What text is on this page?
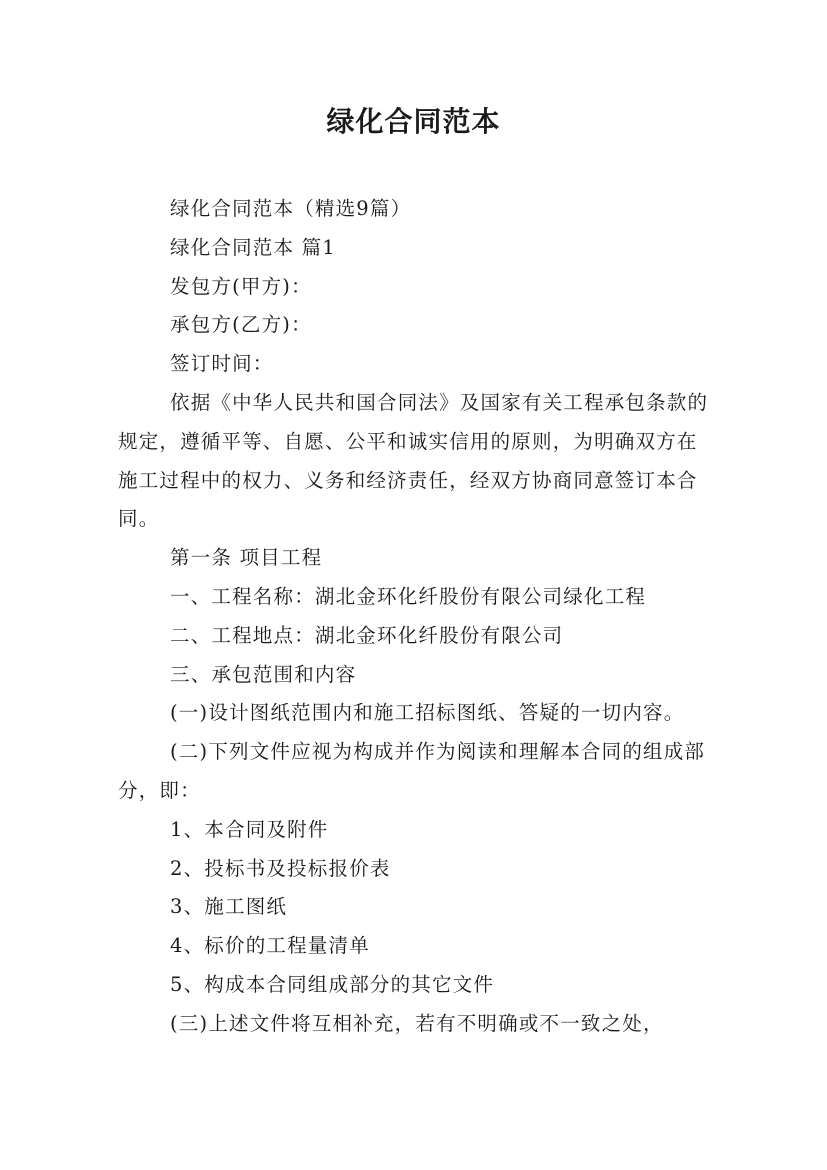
绿化合同范本

绿化合同范本（精选9篇）

绿化合同范本 篇1

发包方(甲方)：

承包方(乙方)：

签订时间：

依据《中华人民共和国合同法》及国家有关工程承包条款的规定，遵循平等、自愿、公平和诚实信用的原则，为明确双方在施工过程中的权力、义务和经济责任，经双方协商同意签订本合同。

第一条 项目工程

一、工程名称：湖北金环化纤股份有限公司绿化工程

二、工程地点：湖北金环化纤股份有限公司

三、承包范围和内容

(一)设计图纸范围内和施工招标图纸、答疑的一切内容。

(二)下列文件应视为构成并作为阅读和理解本合同的组成部分，即：

1、本合同及附件

2、投标书及投标报价表

3、施工图纸

4、标价的工程量清单

5、构成本合同组成部分的其它文件

(三)上述文件将互相补充，若有不明确或不一致之处，
